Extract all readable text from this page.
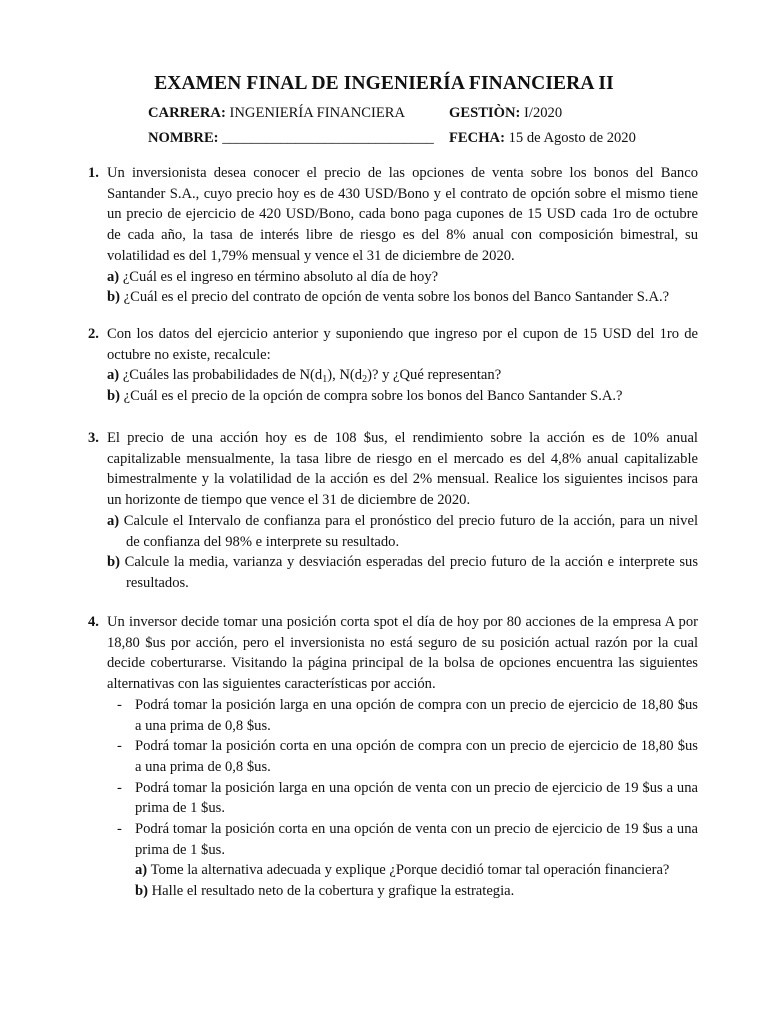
EXAMEN FINAL DE INGENIERÍA FINANCIERA II
CARRERA: INGENIERÍA FINANCIERA	GESTIÒN: I/2020
NOMBRE: _____________________________ FECHA: 15 de Agosto de 2020
1. Un inversionista desea conocer el precio de las opciones de venta sobre los bonos del Banco Santander S.A., cuyo precio hoy es de 430 USD/Bono y el contrato de opción sobre el mismo tiene un precio de ejercicio de 420 USD/Bono, cada bono paga cupones de 15 USD cada 1ro de octubre de cada año, la tasa de interés libre de riesgo es del 8% anual con composición bimestral, su volatilidad es del 1,79% mensual y vence el 31 de diciembre de 2020.
a) ¿Cuál es el ingreso en término absoluto al día de hoy?
b) ¿Cuál es el precio del contrato de opción de venta sobre los bonos del Banco Santander S.A.?
2. Con los datos del ejercicio anterior y suponiendo que ingreso por el cupon de 15 USD del 1ro de octubre no existe, recalcule:
a) ¿Cuáles las probabilidades de $N(d_1)$, $N(d_2)$? y ¿Qué representan?
b) ¿Cuál es el precio de la opción de compra sobre los bonos del Banco Santander S.A.?
3. El precio de una acción hoy es de 108 $us, el rendimiento sobre la acción es de 10% anual capitalizable mensualmente, la tasa libre de riesgo en el mercado es del 4,8% anual capitalizable bimestralmente y la volatilidad de la acción es del 2% mensual. Realice los siguientes incisos para un horizonte de tiempo que vence el 31 de diciembre de 2020.
a) Calcule el Intervalo de confianza para el pronóstico del precio futuro de la acción, para un nivel de confianza del 98% e interprete su resultado.
b) Calcule la media, varianza y desviación esperadas del precio futuro de la acción e interprete sus resultados.
4. Un inversor decide tomar una posición corta spot el día de hoy por 80 acciones de la empresa A por 18,80 $us por acción, pero el inversionista no está seguro de su posición actual razón por la cual decide coberturarse. Visitando la página principal de la bolsa de opciones encuentra las siguientes alternativas con las siguientes características por acción.
- Podrá tomar la posición larga en una opción de compra con un precio de ejercicio de 18,80 $us a una prima de 0,8 $us.
- Podrá tomar la posición corta en una opción de compra con un precio de ejercicio de 18,80 $us a una prima de 0,8 $us.
- Podrá tomar la posición larga en una opción de venta con un precio de ejercicio de 19 $us a una prima de 1 $us.
- Podrá tomar la posición corta en una opción de venta con un precio de ejercicio de 19 $us a una prima de 1 $us.
a) Tome la alternativa adecuada y explique ¿Porque decidió tomar tal operación financiera?
b) Halle el resultado neto de la cobertura y grafique la estrategia.
